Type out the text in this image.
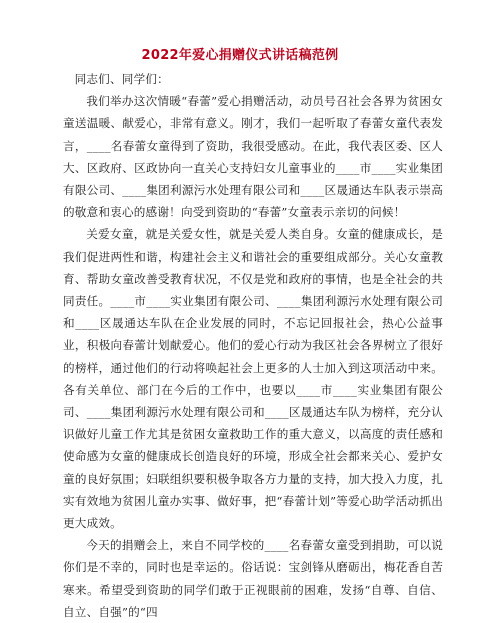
2022年爱心捐赠仪式讲话稿范例

同志们、同学们：

我们举办这次情暖“春蕾”爱心捐赠活动，动员号召社会各界为贫困女童送温暖、献爱心，非常有意义。刚才，我们一起听取了春蕾女童代表发言，____名春蕾女童得到了资助，我很受感动。在此，我代表区委、区人大、区政府、区政协向一直关心支持妇女儿童事业的____市____实业集团有限公司、____集团利源污水处理有限公司和____区晟通达车队表示崇高的敬意和衷心的感谢！向受到资助的“春蕾”女童表示亲切的问候！

关爱女童，就是关爱女性，就是关爱人类自身。女童的健康成长，是我们促进两性和谐，构建社会主义和谐社会的重要组成部分。关心女童教育、帮助女童改善受教育状况，不仅是党和政府的事情，也是全社会的共同责任。____市____实业集团有限公司、____集团利源污水处理有限公司和____区晟通达车队在企业发展的同时，不忘记回报社会，热心公益事业，积极向春蕾计划献爱心。他们的爱心行动为我区社会各界树立了很好的榜样，通过他们的行动将唤起社会上更多的人士加入到这项活动中来。各有关单位、部门在今后的工作中，也要以____市____实业集团有限公司、____集团利源污水处理有限公司和____区晟通达车队为榜样，充分认识做好儿童工作尤其是贫困女童救助工作的重大意义，以高度的责任感和使命感为女童的健康成长创造良好的环境，形成全社会都来关心、爱护女童的良好氛围；妇联组织要积极争取各方力量的支持，加大投入力度，扎实有效地为贫困儿童办实事、做好事，把“春蕾计划”等爱心助学活动抓出更大成效。

今天的捐赠会上，来自不同学校的____名春蕾女童受到捐助，可以说你们是不幸的，同时也是幸运的。俗话说：宝剑锋从磨砺出，梅花香自苦寒来。希望受到资助的同学们敢于正视眼前的困难，发扬“自尊、自信、自立、自强”的“四
